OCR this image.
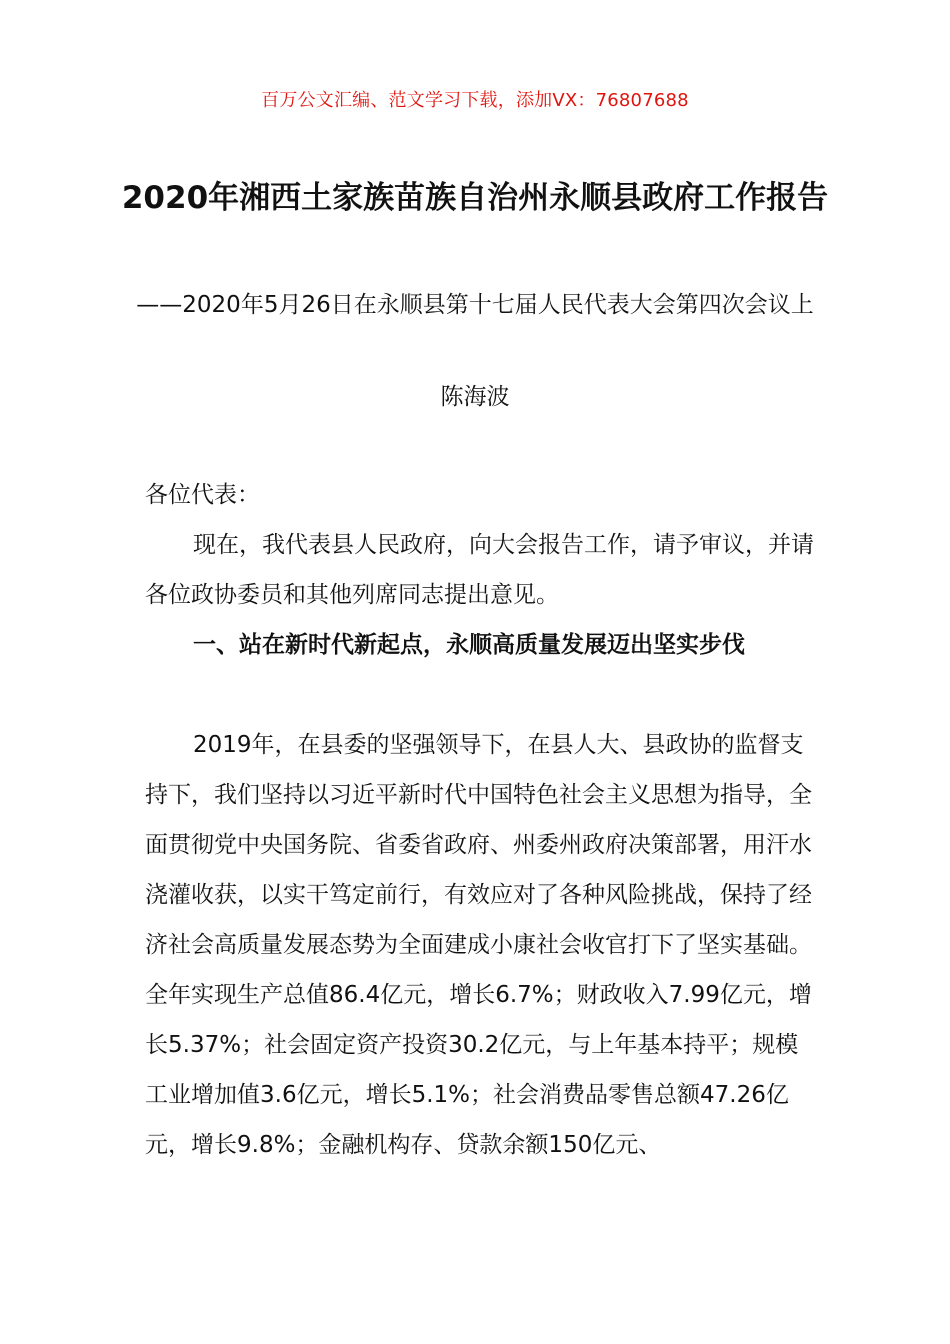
百万公文汇编、范文学习下载，添加VX：76807688
2020年湘西土家族苗族自治州永顺县政府工作报告
——2020年5月26日在永顺县第十七届人民代表大会第四次会议上
陈海波
各位代表：
现在，我代表县人民政府，向大会报告工作，请予审议，并请各位政协委员和其他列席同志提出意见。
一、站在新时代新起点，永顺高质量发展迈出坚实步伐
2019年，在县委的坚强领导下，在县人大、县政协的监督支持下，我们坚持以习近平新时代中国特色社会主义思想为指导，全面贯彻党中央国务院、省委省政府、州委州政府决策部署，用汗水浇灌收获，以实干笃定前行，有效应对了各种风险挑战，保持了经济社会高质量发展态势为全面建成小康社会收官打下了坚实基础。全年实现生产总值86.4亿元，增长6.7%；财政收入7.99亿元，增长5.37%；社会固定资产投资30.2亿元，与上年基本持平；规模工业增加值3.6亿元，增长5.1%；社会消费品零售总额47.26亿元，增长9.8%；金融机构存、贷款余额150亿元、
